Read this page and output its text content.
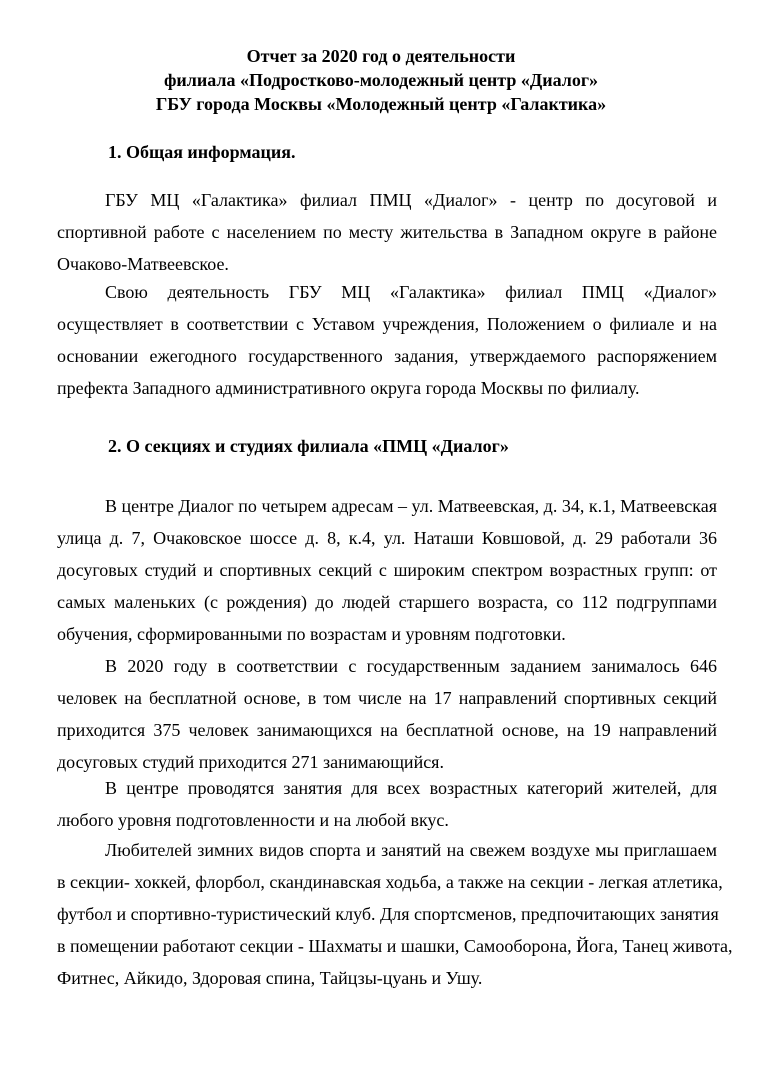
Отчет за 2020 год о деятельности
филиала «Подростково-молодежный центр «Диалог»
ГБУ города Москвы «Молодежный центр «Галактика»
1. Общая информация.
ГБУ МЦ «Галактика» филиал ПМЦ «Диалог» - центр по досуговой и
спортивной работе с населением по месту жительства в Западном округе в районе
Очаково-Матвеевское.
Свою деятельность ГБУ МЦ «Галактика» филиал ПМЦ «Диалог»
осуществляет в соответствии с Уставом учреждения, Положением о филиале и на
основании ежегодного государственного задания, утверждаемого распоряжением
префекта Западного административного округа города Москвы по филиалу.
2. О секциях и студиях филиала «ПМЦ «Диалог»
В центре Диалог по четырем адресам – ул. Матвеевская, д. 34, к.1, Матвеевская
улица д. 7, Очаковское шоссе д. 8, к.4, ул. Наташи Ковшовой, д. 29 работали 36
досуговых студий и спортивных секций с широким спектром возрастных групп: от
самых маленьких (с рождения) до людей старшего возраста, со 112 подгруппами
обучения, сформированными по возрастам и уровням подготовки.
В 2020 году в соответствии с государственным заданием занималось 646
человек на бесплатной основе, в том числе на 17 направлений спортивных секций
приходится 375 человек занимающихся на бесплатной основе, на 19 направлений
досуговых студий приходится 271 занимающийся.
В центре проводятся занятия для всех возрастных категорий жителей, для
любого уровня подготовленности и на любой вкус.
Любителей зимних видов спорта и занятий на свежем воздухе мы приглашаем
в секции- хоккей, флорбол, скандинавская ходьба, а также на секции - легкая атлетика,
футбол и спортивно-туристический клуб. Для спортсменов, предпочитающих занятия
в помещении работают секции - Шахматы и шашки, Самооборона, Йога, Танец живота,
Фитнес, Айкидо, Здоровая спина, Тайцзы-цуань и Ушу.
